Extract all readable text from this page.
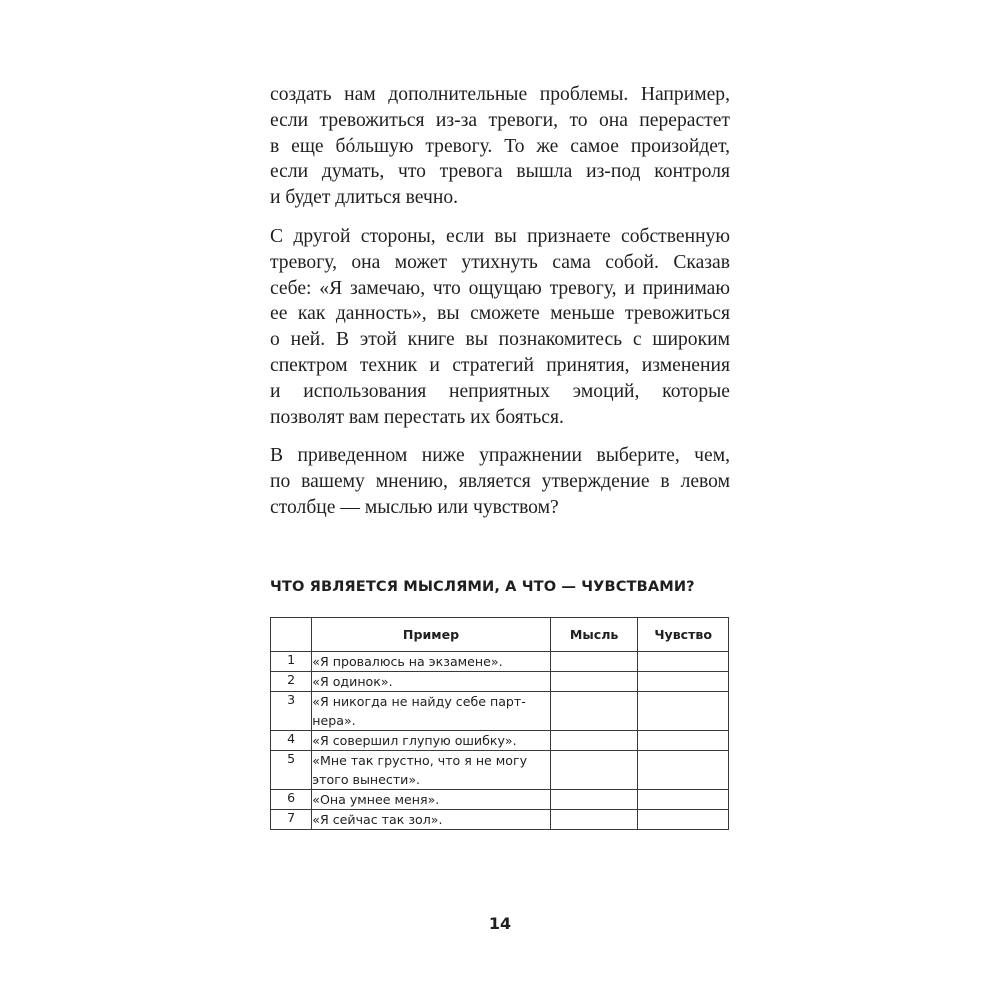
создать нам дополнительные проблемы. Например,
если тревожиться из-за тревоги, то она перерастет
в еще бóльшую тревогу. То же самое произойдет,
если думать, что тревога вышла из-под контроля
и будет длиться вечно.

С другой стороны, если вы признаете собственную
тревогу, она может утихнуть сама собой. Сказав
себе: «Я замечаю, что ощущаю тревогу, и принимаю
ее как данность», вы сможете меньше тревожиться
о ней. В этой книге вы познакомитесь с широким
спектром техник и стратегий принятия, изменения
и использования неприятных эмоций, которые
позволят вам перестать их бояться.

В приведенном ниже упражнении выберите, чем,
по вашему мнению, является утверждение в левом
столбце — мыслью или чувством?

ЧТО ЯВЛЯЕТСЯ МЫСЛЯМИ, А ЧТО — ЧУВСТВАМИ?
	Пример	Мысль	Чувство
1	«Я провалюсь на экзамене».		

2	«Я одинок».		

3	«Я никогда не найду себе парт-
нера».		

4	«Я совершил глупую ошибку».		

5	«Мне так грустно, что я не могу
этого вынести».		

6	«Она умнее меня».		

7	«Я сейчас так зол».		

14
